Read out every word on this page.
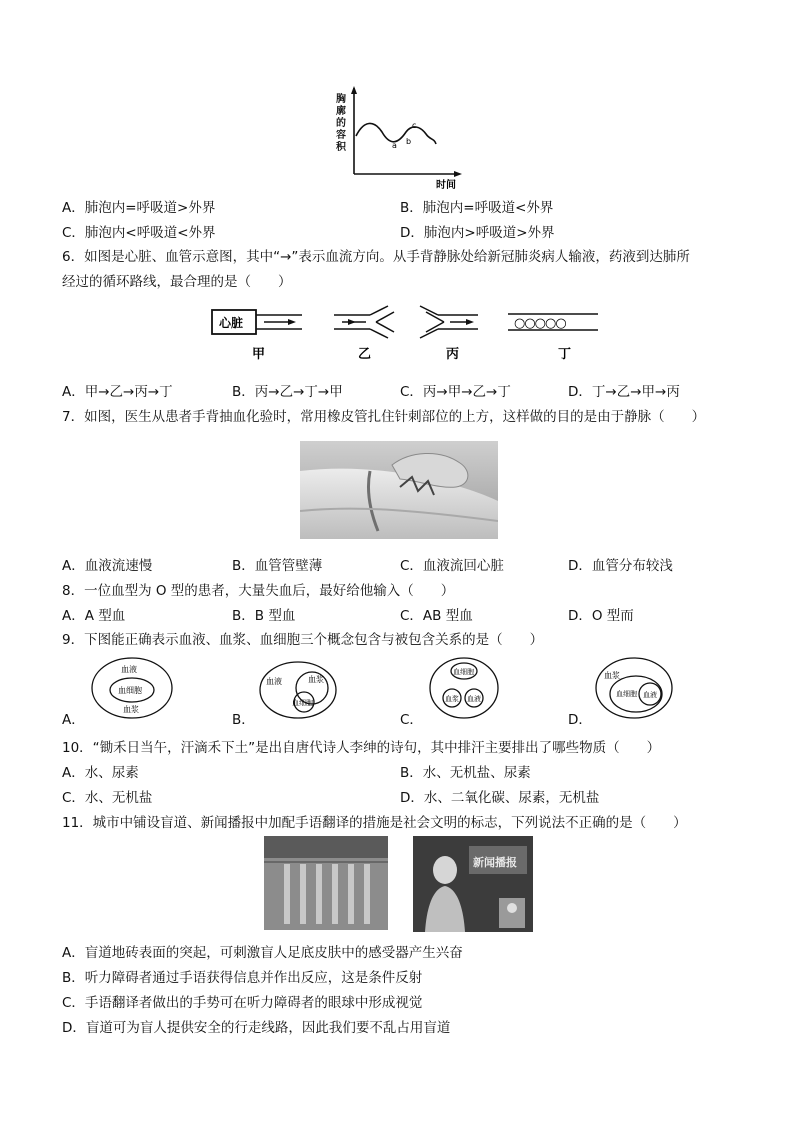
a b
c
时间
胸
廓
的
容
积
A．肺泡内=呼吸道>外界	B．肺泡内=呼吸道<外界
C．肺泡内<呼吸道<外界	D．肺泡内>呼吸道>外界
6．如图是心脏、血管示意图，其中“→”表示血流方向。从手背静脉处给新冠肺炎病人输液，药液到达肺所
经过的循环路线，最合理的是（　　）
心脏	○○○○○
甲	乙	丙	丁
A．甲→乙→丙→丁	B．丙→乙→丁→甲	C．丙→甲→乙→丁	D．丁→乙→甲→丙
7．如图，医生从患者手背抽血化验时，常用橡皮管扎住针刺部位的上方，这样做的目的是由于静脉（　　）
A．血液流速慢	B．血管管壁薄	C．血液流回心脏	D．血管分布较浅
8．一位血型为 O 型的患者，大量失血后，最好给他输入（　　）
A．A 型血	B．B 型血	C．AB 型血	D．O 型而
9．下图能正确表示血液、血浆、血细胞三个概念包含与被包含关系的是（　　）
血液
血细胞
血浆
A．
血液	血浆
血细胞
B．
血细胞
血浆 血液
C．
血浆
血细胞 血液
D．
10．“锄禾日当午，汗滴禾下土”是出自唐代诗人李绅的诗句，其中排汗主要排出了哪些物质（　　）
A．水、尿素	B．水、无机盐、尿素
C．水、无机盐	D．水、二氧化碳、尿素，无机盐
11．城市中铺设盲道、新闻播报中加配手语翻译的措施是社会文明的标志，下列说法不正确的是（　　）
新闻播报
A．盲道地砖表面的突起，可刺激盲人足底皮肤中的感受器产生兴奋
B．听力障碍者通过手语获得信息并作出反应，这是条件反射
C．手语翻译者做出的手势可在听力障碍者的眼球中形成视觉
D．盲道可为盲人提供安全的行走线路，因此我们要不乱占用盲道
